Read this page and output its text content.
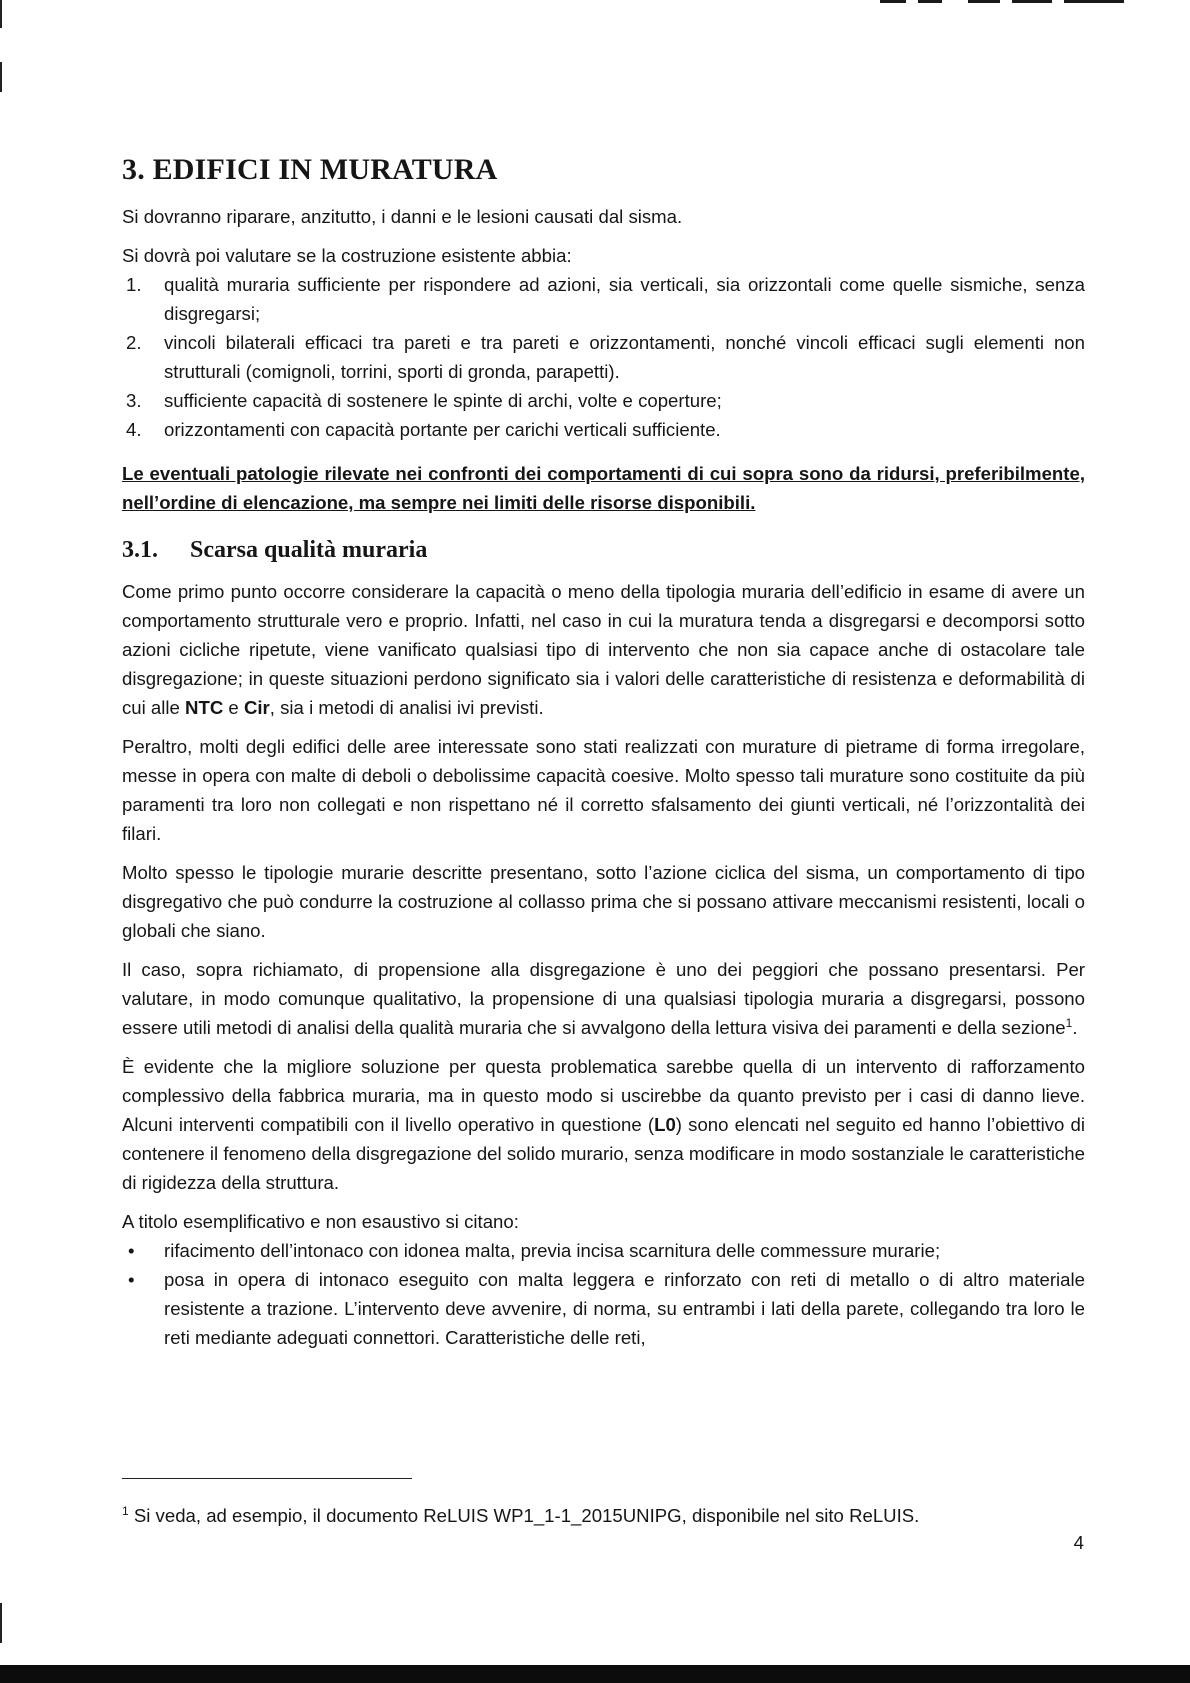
3. EDIFICI IN MURATURA

Si dovranno riparare, anzitutto, i danni e le lesioni causati dal sisma.

Si dovrà poi valutare se la costruzione esistente abbia:

1. qualità muraria sufficiente per rispondere ad azioni, sia verticali, sia orizzontali come quelle sismiche, senza disgregarsi;
2. vincoli bilaterali efficaci tra pareti e tra pareti e orizzontamenti, nonché vincoli efficaci sugli elementi non strutturali (comignoli, torrini, sporti di gronda, parapetti).
3. sufficiente capacità di sostenere le spinte di archi, volte e coperture;
4. orizzontamenti con capacità portante per carichi verticali sufficiente.

Le eventuali patologie rilevate nei confronti dei comportamenti di cui sopra sono da ridursi, preferibilmente, nell’ordine di elencazione, ma sempre nei limiti delle risorse disponibili.

3.1. Scarsa qualità muraria

Come primo punto occorre considerare la capacità o meno della tipologia muraria dell’edificio in esame di avere un comportamento strutturale vero e proprio. Infatti, nel caso in cui la muratura tenda a disgregarsi e decomporsi sotto azioni cicliche ripetute, viene vanificato qualsiasi tipo di intervento che non sia capace anche di ostacolare tale disgregazione; in queste situazioni perdono significato sia i valori delle caratteristiche di resistenza e deformabilità di cui alle NTC e Cir, sia i metodi di analisi ivi previsti.

Peraltro, molti degli edifici delle aree interessate sono stati realizzati con murature di pietrame di forma irregolare, messe in opera con malte di deboli o debolissime capacità coesive. Molto spesso tali murature sono costituite da più paramenti tra loro non collegati e non rispettano né il corretto sfalsamento dei giunti verticali, né l’orizzontalità dei filari.

Molto spesso le tipologie murarie descritte presentano, sotto l’azione ciclica del sisma, un comportamento di tipo disgregativo che può condurre la costruzione al collasso prima che si possano attivare meccanismi resistenti, locali o globali che siano.

Il caso, sopra richiamato, di propensione alla disgregazione è uno dei peggiori che possano presentarsi. Per valutare, in modo comunque qualitativo, la propensione di una qualsiasi tipologia muraria a disgregarsi, possono essere utili metodi di analisi della qualità muraria che si avvalgono della lettura visiva dei paramenti e della sezione$^1$.

È evidente che la migliore soluzione per questa problematica sarebbe quella di un intervento di rafforzamento complessivo della fabbrica muraria, ma in questo modo si uscirebbe da quanto previsto per i casi di danno lieve. Alcuni interventi compatibili con il livello operativo in questione (L0) sono elencati nel seguito ed hanno l’obiettivo di contenere il fenomeno della disgregazione del solido murario, senza modificare in modo sostanziale le caratteristiche di rigidezza della struttura.

A titolo esemplificativo e non esaustivo si citano:

• rifacimento dell’intonaco con idonea malta, previa incisa scarnitura delle commessure murarie;
• posa in opera di intonaco eseguito con malta leggera e rinforzato con reti di metallo o di altro materiale resistente a trazione. L’intervento deve avvenire, di norma, su entrambi i lati della parete, collegando tra loro le reti mediante adeguati connettori. Caratteristiche delle reti,

$^1$ Si veda, ad esempio, il documento ReLUIS WP1_1-1_2015UNIPG, disponibile nel sito ReLUIS.

4
